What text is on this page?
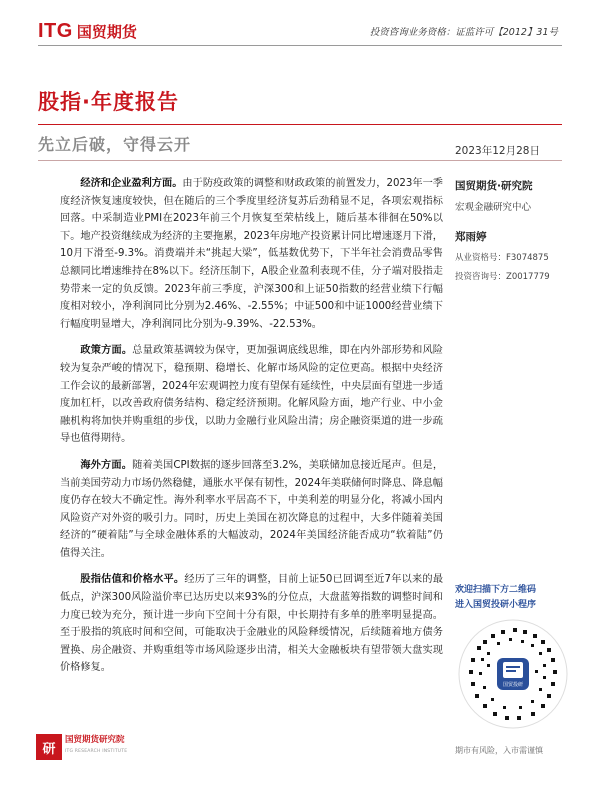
ITG 国贸期货	投资咨询业务资格：证监许可【2012】31号
股指·年度报告
先立后破，守得云开	2023年12月28日

经济和企业盈利方面。由于防疫政策的调整和财政政策的前置发力，2023年一季度经济恢复速度较快，但在随后的三个季度里经济复苏后劲稍显不足，各项宏观指标回落。中采制造业PMI在2023年前三个月恢复至荣枯线上，随后基本徘徊在50%以下。地产投资继续成为经济的主要拖累，2023年房地产投资累计同比增速逐月下滑，10月下滑至-9.3%。消费端并未“挑起大梁”，低基数优势下，下半年社会消费品零售总额同比增速维持在8%以下。经济压制下，A股企业盈利表现不佳，分子端对股指走势带来一定的负反馈。2023年前三季度，沪深300和上证50指数的经营业绩下行幅度相对较小，净利润同比分别为2.46%、-2.55%；中证500和中证1000经营业绩下行幅度明显增大，净利润同比分别为-9.39%、-22.53%。

政策方面。总量政策基调较为保守，更加强调底线思维，即在内外部形势和风险较为复杂严峻的情况下，稳预期、稳增长、化解市场风险的定位更高。根据中央经济工作会议的最新部署，2024年宏观调控力度有望保有延续性，中央层面有望进一步适度加杠杆，以改善政府债务结构、稳定经济预期。化解风险方面，地产行业、中小金融机构将加快并购重组的步伐，以助力金融行业风险出清；房企融资渠道的进一步疏导也值得期待。

海外方面。随着美国CPI数据的逐步回落至3.2%，美联储加息接近尾声。但是，当前美国劳动力市场仍然稳健，通胀水平保有韧性，2024年美联储何时降息、降息幅度仍存在较大不确定性。海外利率水平居高不下，中美利差的明显分化，将减小国内风险资产对外资的吸引力。同时，历史上美国在初次降息的过程中，大多伴随着美国经济的“硬着陆”与全球金融体系的大幅波动，2024年美国经济能否成功“软着陆”仍值得关注。

股指估值和价格水平。经历了三年的调整，目前上证50已回调至近7年以来的最低点，沪深300风险溢价率已达历史以来93%的分位点，大盘蓝筹指数的调整时间和力度已较为充分，预计进一步向下空间十分有限，中长期持有多单的胜率明显提高。至于股指的筑底时间和空间，可能取决于金融业的风险释缓情况，后续随着地方债务置换、房企融资、并购重组等市场风险逐步出清，相关大金融板块有望带领大盘实现价格修复。

国贸期货·研究院
宏观金融研究中心
郑雨婷
从业资格号：F3074875
投资咨询号：Z0017779
欢迎扫描下方二维码
进入国贸投研小程序
国贸投研
期市有风险，入市需谨慎
研
国贸期货研究院
ITG RESEARCH INSTITUTE
